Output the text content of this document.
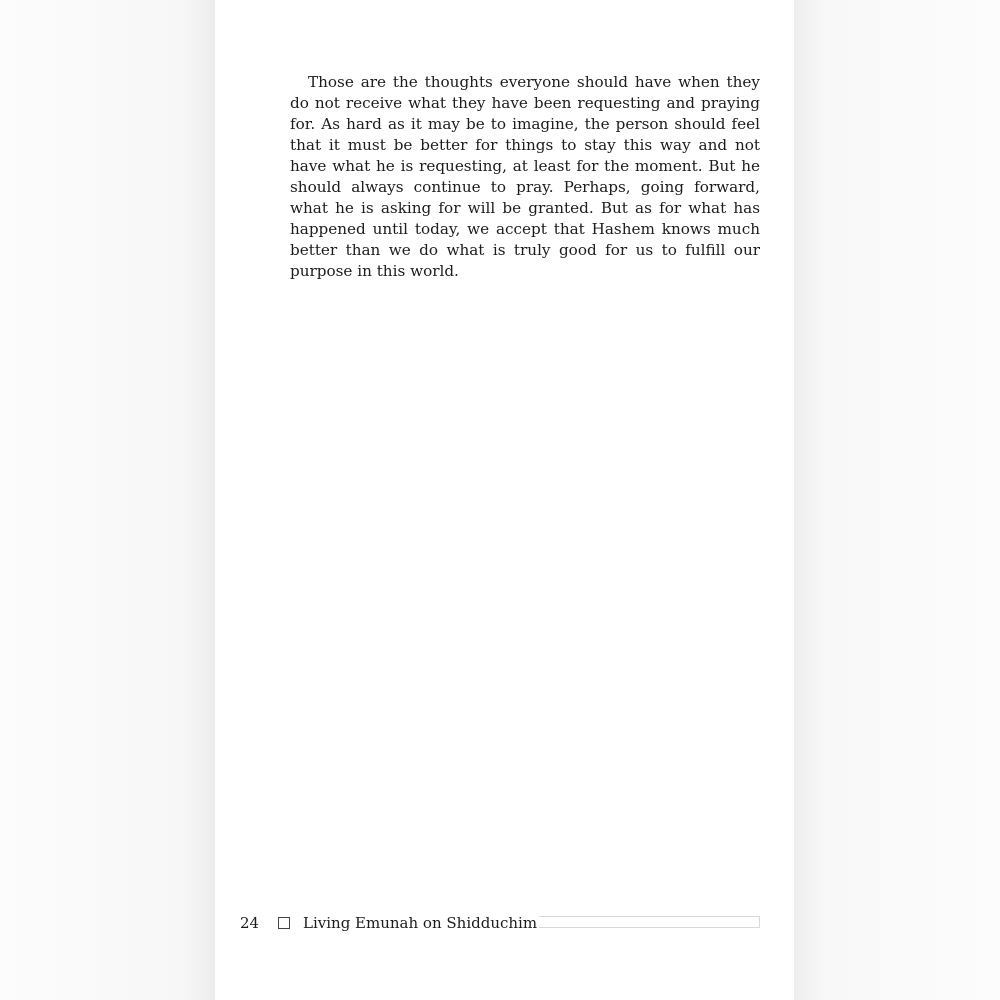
Those are the thoughts everyone should have when they do not receive what they have been requesting and praying for. As hard as it may be to imagine, the person should feel that it must be better for things to stay this way and not have what he is requesting, at least for the moment. But he should always continue to pray. Perhaps, going forward, what he is asking for will be granted. But as for what has happened until today, we accept that Hashem knows much better than we do what is truly good for us to fulfill our purpose in this world.

24	Living Emunah on Shidduchim
